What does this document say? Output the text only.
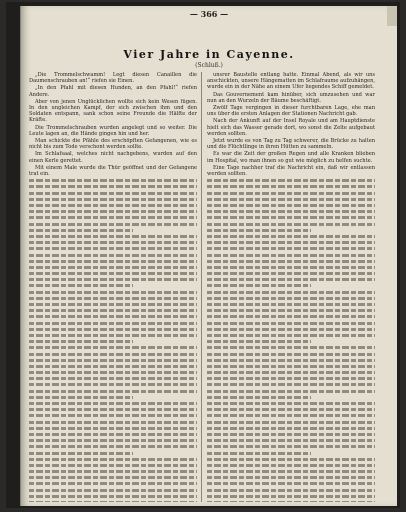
— 366 —
Vier Jahre in Cayenne.
(Schluß.)

„Die Trommelschwamm! Legt diesen Canaillen die Daumenschrauben an!“ riefen sie Einen.

„In den Pfahl mit diesen Hunden, an den Pfahl!“ riefen Andere.

Aber von jenen Unglücklichen wollte sich kein Wesen fügen. In den ungleichen Kampf, der sich zwischen ihm und den Soldaten entspann, sank schon seine Freunde die Hälfte der Kräfte.

Die Trommelschrauben wurden angelegt und so weiter. Die Leute lagen an, die Hände gingen hin und her.

Man schickte die Pfähle des erschöpften Gefangenen, wie es nicht bis zum Tode verschont werden sollte.

Im Schlafsaal, welches nicht nachgebens, wurden auf den einen Kerle gerettet.

Mit einem Male wurde die Thür geöffnet und der Gefangene trat ein.

unsrer Baustelle entlang hatte. Einmal Abend, als wir uns anschickten, unsere Hängematten im Schlafraume aufzuhängen, wurde ein in der Nähe an einem Ufer liegendes Schiff gemeldet.

Das Gouvernement kam hinüber, sich umzusehen und war nun an den Wurzeln der Bäume beschäftigt.

Zwölf Tage vergingen in dieser furchtbaren Lage, ehe man uns über die ersten Anlagen der Stationen Nachricht gab.

Nach der Ankunft auf der Insel Royale und am Hauptdienste hielt sich das Wasser gerade dort, wo sonst die Zelte aufgebaut werden sollten.

Jetzt wurde es von Tag zu Tag schwerer, die Brücke zu halten und die Flüchtlinge in ihren Hütten zu sammeln.

Es war die Zeit der großen Regen und alle Kranken blieben im Hospital, wo man ihnen so gut wie möglich zu helfen suchte.

Eine Tage nachher traf die Nachricht ein, daß wir entlassen werden sollten.
